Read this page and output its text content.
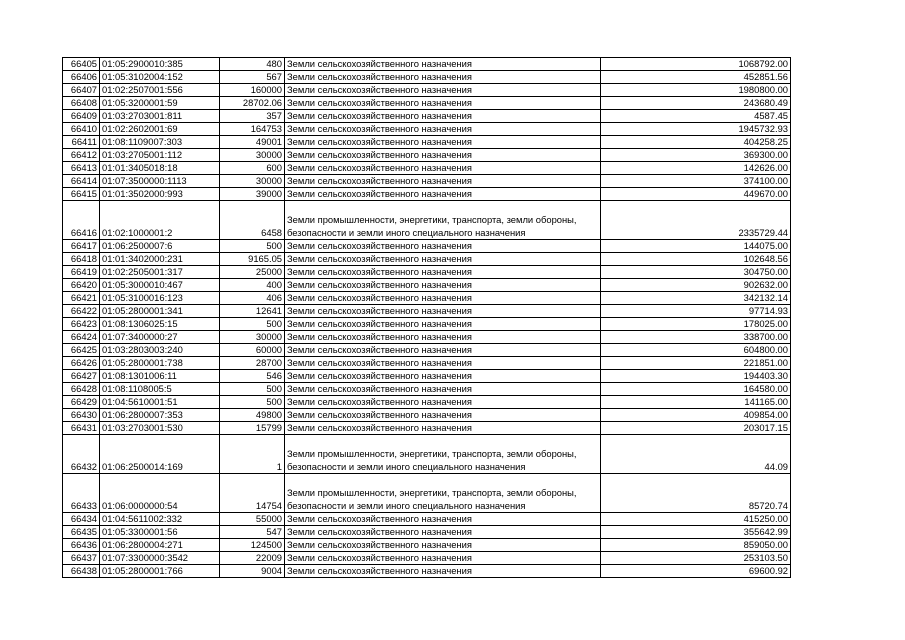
66405	01:05:2900010:385	480	Земли сельскохозяйственного назначения	1068792.00
66406	01:05:3102004:152	567	Земли сельскохозяйственного назначения	452851.56
66407	01:02:2507001:556	160000	Земли сельскохозяйственного назначения	1980800.00
66408	01:05:3200001:59	28702.06	Земли сельскохозяйственного назначения	243680.49
66409	01:03:2703001:811	357	Земли сельскохозяйственного назначения	4587.45
66410	01:02:2602001:69	164753	Земли сельскохозяйственного назначения	1945732.93
66411	01:08:1109007:303	49001	Земли сельскохозяйственного назначения	404258.25
66412	01:03:2705001:112	30000	Земли сельскохозяйственного назначения	369300.00
66413	01:01:3405018:18	600	Земли сельскохозяйственного назначения	142626.00
66414	01:07:3500000:1113	30000	Земли сельскохозяйственного назначения	374100.00
66415	01:01:3502000:993	39000	Земли сельскохозяйственного назначения	449670.00
66416	01:02:1000001:2	6458	Земли промышленности, энергетики, транспорта, земли обороны, безопасности и земли иного специального назначения	2335729.44
66417	01:06:2500007:6	500	Земли сельскохозяйственного назначения	144075.00
66418	01:01:3402000:231	9165.05	Земли сельскохозяйственного назначения	102648.56
66419	01:02:2505001:317	25000	Земли сельскохозяйственного назначения	304750.00
66420	01:05:3000010:467	400	Земли сельскохозяйственного назначения	902632.00
66421	01:05:3100016:123	406	Земли сельскохозяйственного назначения	342132.14
66422	01:05:2800001:341	12641	Земли сельскохозяйственного назначения	97714.93
66423	01:08:1306025:15	500	Земли сельскохозяйственного назначения	178025.00
66424	01:07:3400000:27	30000	Земли сельскохозяйственного назначения	338700.00
66425	01:03:2803003:240	60000	Земли сельскохозяйственного назначения	604800.00
66426	01:05:2800001:738	28700	Земли сельскохозяйственного назначения	221851.00
66427	01:08:1301006:11	546	Земли сельскохозяйственного назначения	194403.30
66428	01:08:1108005:5	500	Земли сельскохозяйственного назначения	164580.00
66429	01:04:5610001:51	500	Земли сельскохозяйственного назначения	141165.00
66430	01:06:2800007:353	49800	Земли сельскохозяйственного назначения	409854.00
66431	01:03:2703001:530	15799	Земли сельскохозяйственного назначения	203017.15
66432	01:06:2500014:169	1	Земли промышленности, энергетики, транспорта, земли обороны, безопасности и земли иного специального назначения	44.09
66433	01:06:0000000:54	14754	Земли промышленности, энергетики, транспорта, земли обороны, безопасности и земли иного специального назначения	85720.74
66434	01:04:5611002:332	55000	Земли сельскохозяйственного назначения	415250.00
66435	01:05:3300001:56	547	Земли сельскохозяйственного назначения	355642.99
66436	01:06:2800004:271	124500	Земли сельскохозяйственного назначения	859050.00
66437	01:07:3300000:3542	22009	Земли сельскохозяйственного назначения	253103.50
66438	01:05:2800001:766	9004	Земли сельскохозяйственного назначения	69600.92
